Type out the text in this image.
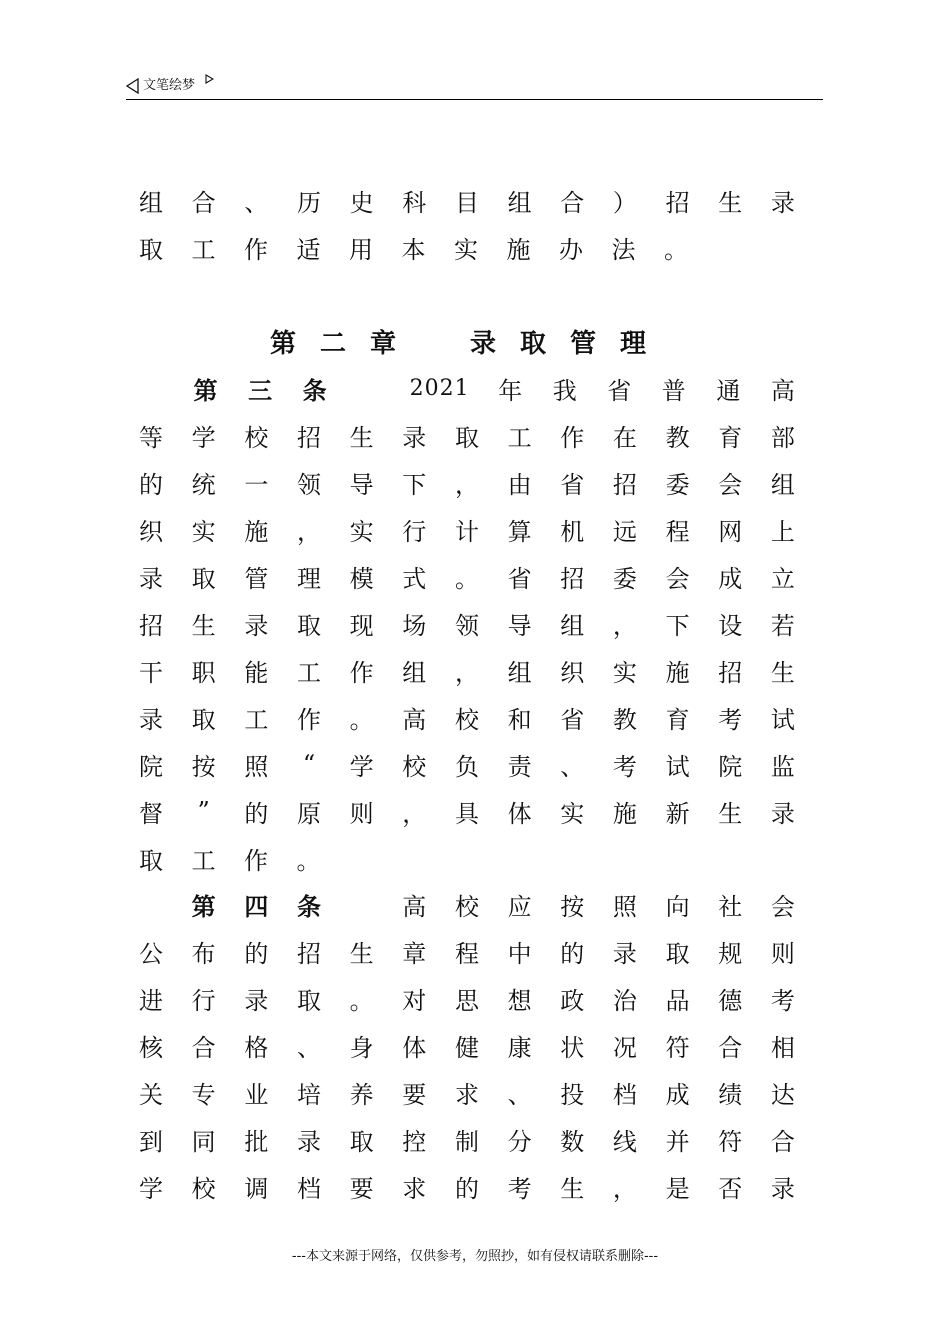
文笔绘梦
组 合 、 历 史 科 目 组 合 ） 招 生 录
取 工 作 适 用 本 实 施 办 法 。
第 三 条	2021 年 我 省 普 通 高
等 学 校 招 生 录 取 工 作 在 教 育 部
的 统 一 领 导 下 ， 由 省 招 委 会 组
织 实 施 ， 实 行 计 算 机 远 程 网 上
录 取 管 理 模 式 。 省 招 委 会 成 立
招 生 录 取 现 场 领 导 组 ， 下 设 若
干 职 能 工 作 组 ， 组 织 实 施 招 生
录 取 工 作 。 高 校 和 省 教 育 考 试
院 按 照	“	学 校 负 责 、 考 试 院 监
督	”	的 原 则 ， 具 体 实 施 新 生 录
取 工 作 。
第 四 条	高 校 应 按 照 向 社 会
公 布 的 招 生 章 程 中 的 录 取 规 则
进 行 录 取 。 对 思 想 政 治 品 德 考
核 合 格 、 身 体 健 康 状 况 符 合 相
关 专 业 培 养 要 求 、 投 档 成 绩 达
到 同 批 录 取 控 制 分 数 线 并 符 合
学 校 调 档 要 求 的 考 生 ， 是 否 录
第 二 章	录 取 管 理
---本文来源于网络，仅供参考，勿照抄，如有侵权请联系删除---
